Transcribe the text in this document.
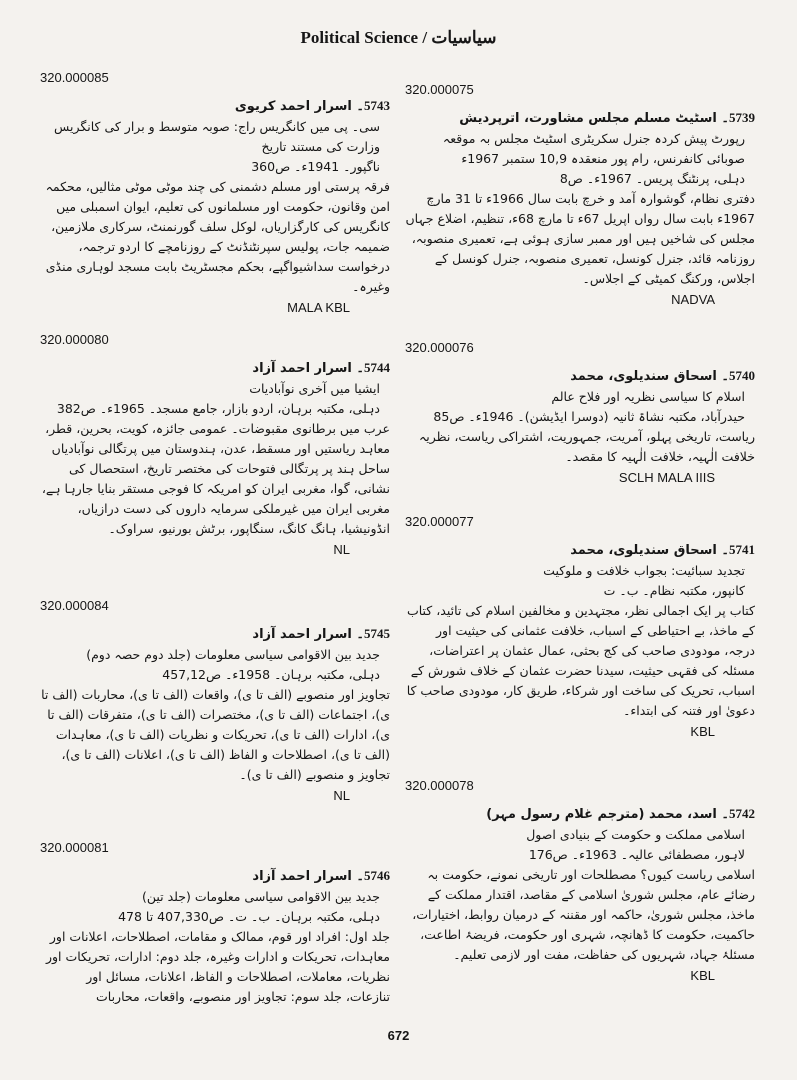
Political Science / سیاسیات
320.000085
5743۔ اسرار احمد کریوی
سی۔ پی میں کانگریس راج: صوبہ متوسط و برار کی کانگریس وزارت کی مستند تاریخ
ناگپور۔ 1941ء۔ ص360
فرقہ پرستی اور مسلم دشمنی کی چند موٹی موٹی مثالیں، محکمہ امن وقانون، حکومت اور مسلمانوں کی تعلیم، ایوان اسمبلی میں کانگریس کی کارگزاریاں، لوکل سلف گورنمنٹ، سرکاری ملازمین، ضمیمہ جات، پولیس سپرنٹنڈنٹ کے روزنامچے کا اردو ترجمہ، درخواست سداشیواگپے، بحکم مجسٹریٹ بابت مسجد لوہاری منڈی وغیرہ۔
MALA KBL
320.000080
5744۔ اسرار احمد آزاد
ایشیا میں آخری نوآبادیات
دہلی، مکتبہ برہان، اردو بازار، جامع مسجد۔ 1965ء۔ ص382
عرب میں برطانوی مقبوضات۔ عمومی جائزہ، کویت، بحرین، قطر، معاہد ریاستیں اور مسقط، عدن، ہندوستان میں پرتگالی نوآبادیاں ساحل ہند پر پرتگالی فتوحات کی مختصر تاریخ، استحصال کی نشانی، گوا، مغربی ایران کو امریکہ کا فوجی مستقر بنایا جارہا ہے، مغربی ایران میں غیرملکی سرمایہ داروں کی دست درازیاں، انڈونیشیا، ہانگ کانگ، سنگاپور، برٹش بورنیو، سراوک۔
NL
320.000084
5745۔ اسرار احمد آزاد
جدید بین الاقوامی سیاسی معلومات (جلد دوم حصہ دوم)
دہلی، مکتبہ برہان۔ 1958ء۔ ص457,12
تجاویز اور منصوبے (الف تا ی)، واقعات (الف تا ی)، محاربات (الف تا ی)، اجتماعات (الف تا ی)، مختصرات (الف تا ی)، متفرقات (الف تا ی)، ادارات (الف تا ی)، تحریکات و نظریات (الف تا ی)، معاہدات (الف تا ی)، اصطلاحات و الفاظ (الف تا ی)، اعلانات (الف تا ی)، تجاویز و منصوبے (الف تا ی)۔
NL
320.000081
5746۔ اسرار احمد آزاد
جدید بین الاقوامی سیاسی معلومات (جلد تین)
دہلی، مکتبہ برہان۔ ب۔ ت۔ ص407,330 تا 478
جلد اول: افراد اور قوم، ممالک و مقامات، اصطلاحات، اعلانات اور معاہدات، تحریکات و ادارات وغیرہ، جلد دوم: ادارات، تحریکات اور نظریات، معاملات، اصطلاحات و الفاظ، اعلانات، مسائل اور تنازعات، جلد سوم: تجاویز اور منصوبے، واقعات، محاربات
320.000075
5739۔ اسٹیٹ مسلم مجلس مشاورت، اترپردیش
رپورٹ پیش کردہ جنرل سکریٹری اسٹیٹ مجلس بہ موقعہ صوبائی کانفرنس، رام پور منعقدہ 10,9 ستمبر 1967ء
دہلی، پرنٹنگ پریس۔ 1967ء۔ ص8
دفتری نظام، گوشوارہ آمد و خرچ بابت سال 1966ء تا 31 مارچ 1967ء بابت سال رواں اپریل 67ء تا مارچ 68ء، تنظیم، اضلاع جہاں مجلس کی شاخیں ہیں اور ممبر سازی ہوئی ہے، تعمیری منصوبہ، روزنامہ قائد، جنرل کونسل، تعمیری منصوبہ، جنرل کونسل کے اجلاس، ورکنگ کمیٹی کے اجلاس۔
NADVA
320.000076
5740۔ اسحاق سندیلوی، محمد
اسلام کا سیاسی نظریہ اور فلاح عالم
حیدرآباد، مکتبہ نشاۃ ثانیہ (دوسرا ایڈیشن)۔ 1946ء۔ ص85
ریاست، تاریخی پہلو، آمریت، جمہوریت، اشتراکی ریاست، نظریہ خلافت الٰہیہ، خلافت الٰہیہ کا مقصد۔
SCLH MALA IIIS
320.000077
5741۔ اسحاق سندیلوی، محمد
تجدید سبائیت: بجواب خلافت و ملوکیت
کانپور، مکتبہ نظام۔ ب۔ ت
کتاب پر ایک اجمالی نظر، مجتہدین و مخالفین اسلام کی تائید، کتاب کے ماخذ، بے احتیاطی کے اسباب، خلافت عثمانی کی حیثیت اور درجہ، مودودی صاحب کی کج بحثی، عمال عثمان پر اعتراضات، مسئلہ کی فقہی حیثیت، سیدنا حضرت عثمان کے خلاف شورش کے اسباب، تحریک کی ساخت اور شرکاء، طریق کار، مودودی صاحب کا دعویٰ اور فتنہ کی ابتداء۔
KBL
320.000078
5742۔ اسد، محمد (مترجم غلام رسول مہر)
اسلامی مملکت و حکومت کے بنیادی اصول
لاہور، مصطفائی عالیہ۔ 1963ء۔ ص176
اسلامی ریاست کیوں؟ مصطلحات اور تاریخی نمونے، حکومت بہ رضائے عام، مجلس شوریٰ اسلامی کے مقاصد، اقتدار مملکت کے ماخذ، مجلس شوریٰ، حاکمہ اور مقننہ کے درمیان روابط، اختیارات، حاکمیت، حکومت کا ڈھانچہ، شہری اور حکومت، فریضۂ اطاعت، مسئلۂ جہاد، شہریوں کی حفاظت، مفت اور لازمی تعلیم۔
KBL
672
